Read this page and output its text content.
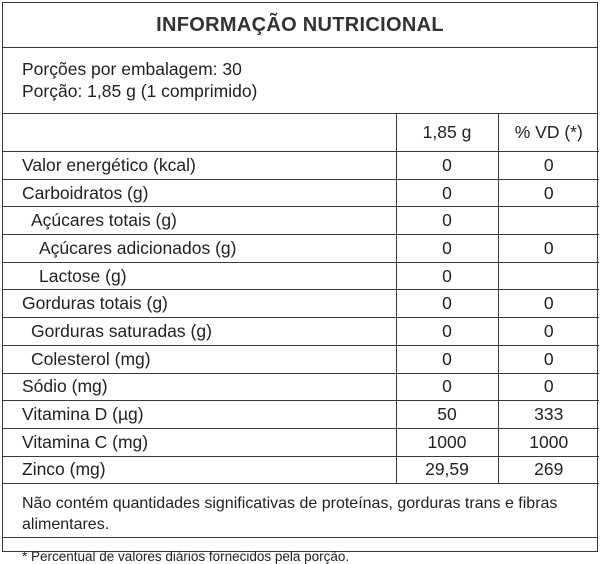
INFORMAÇÃO NUTRICIONAL
Porções por embalagem: 30
Porção: 1,85 g (1 comprimido)
	1,85 g	% VD (*)
Valor energético (kcal)	0	0
Carboidratos (g)	0	0
Açúcares totais (g)	0	
Açúcares adicionados (g)	0	0
Lactose (g)	0	
Gorduras totais (g)	0	0
Gorduras saturadas (g)	0	0
Colesterol (mg)	0	0
Sódio (mg)	0	0
Vitamina D (µg)	50	333
Vitamina C (mg)	1000	1000
Zinco (mg)	29,59	269
Não contém quantidades significativas de proteínas, gorduras trans e fibras alimentares.
* Percentual de valores diários fornecidos pela porção.
